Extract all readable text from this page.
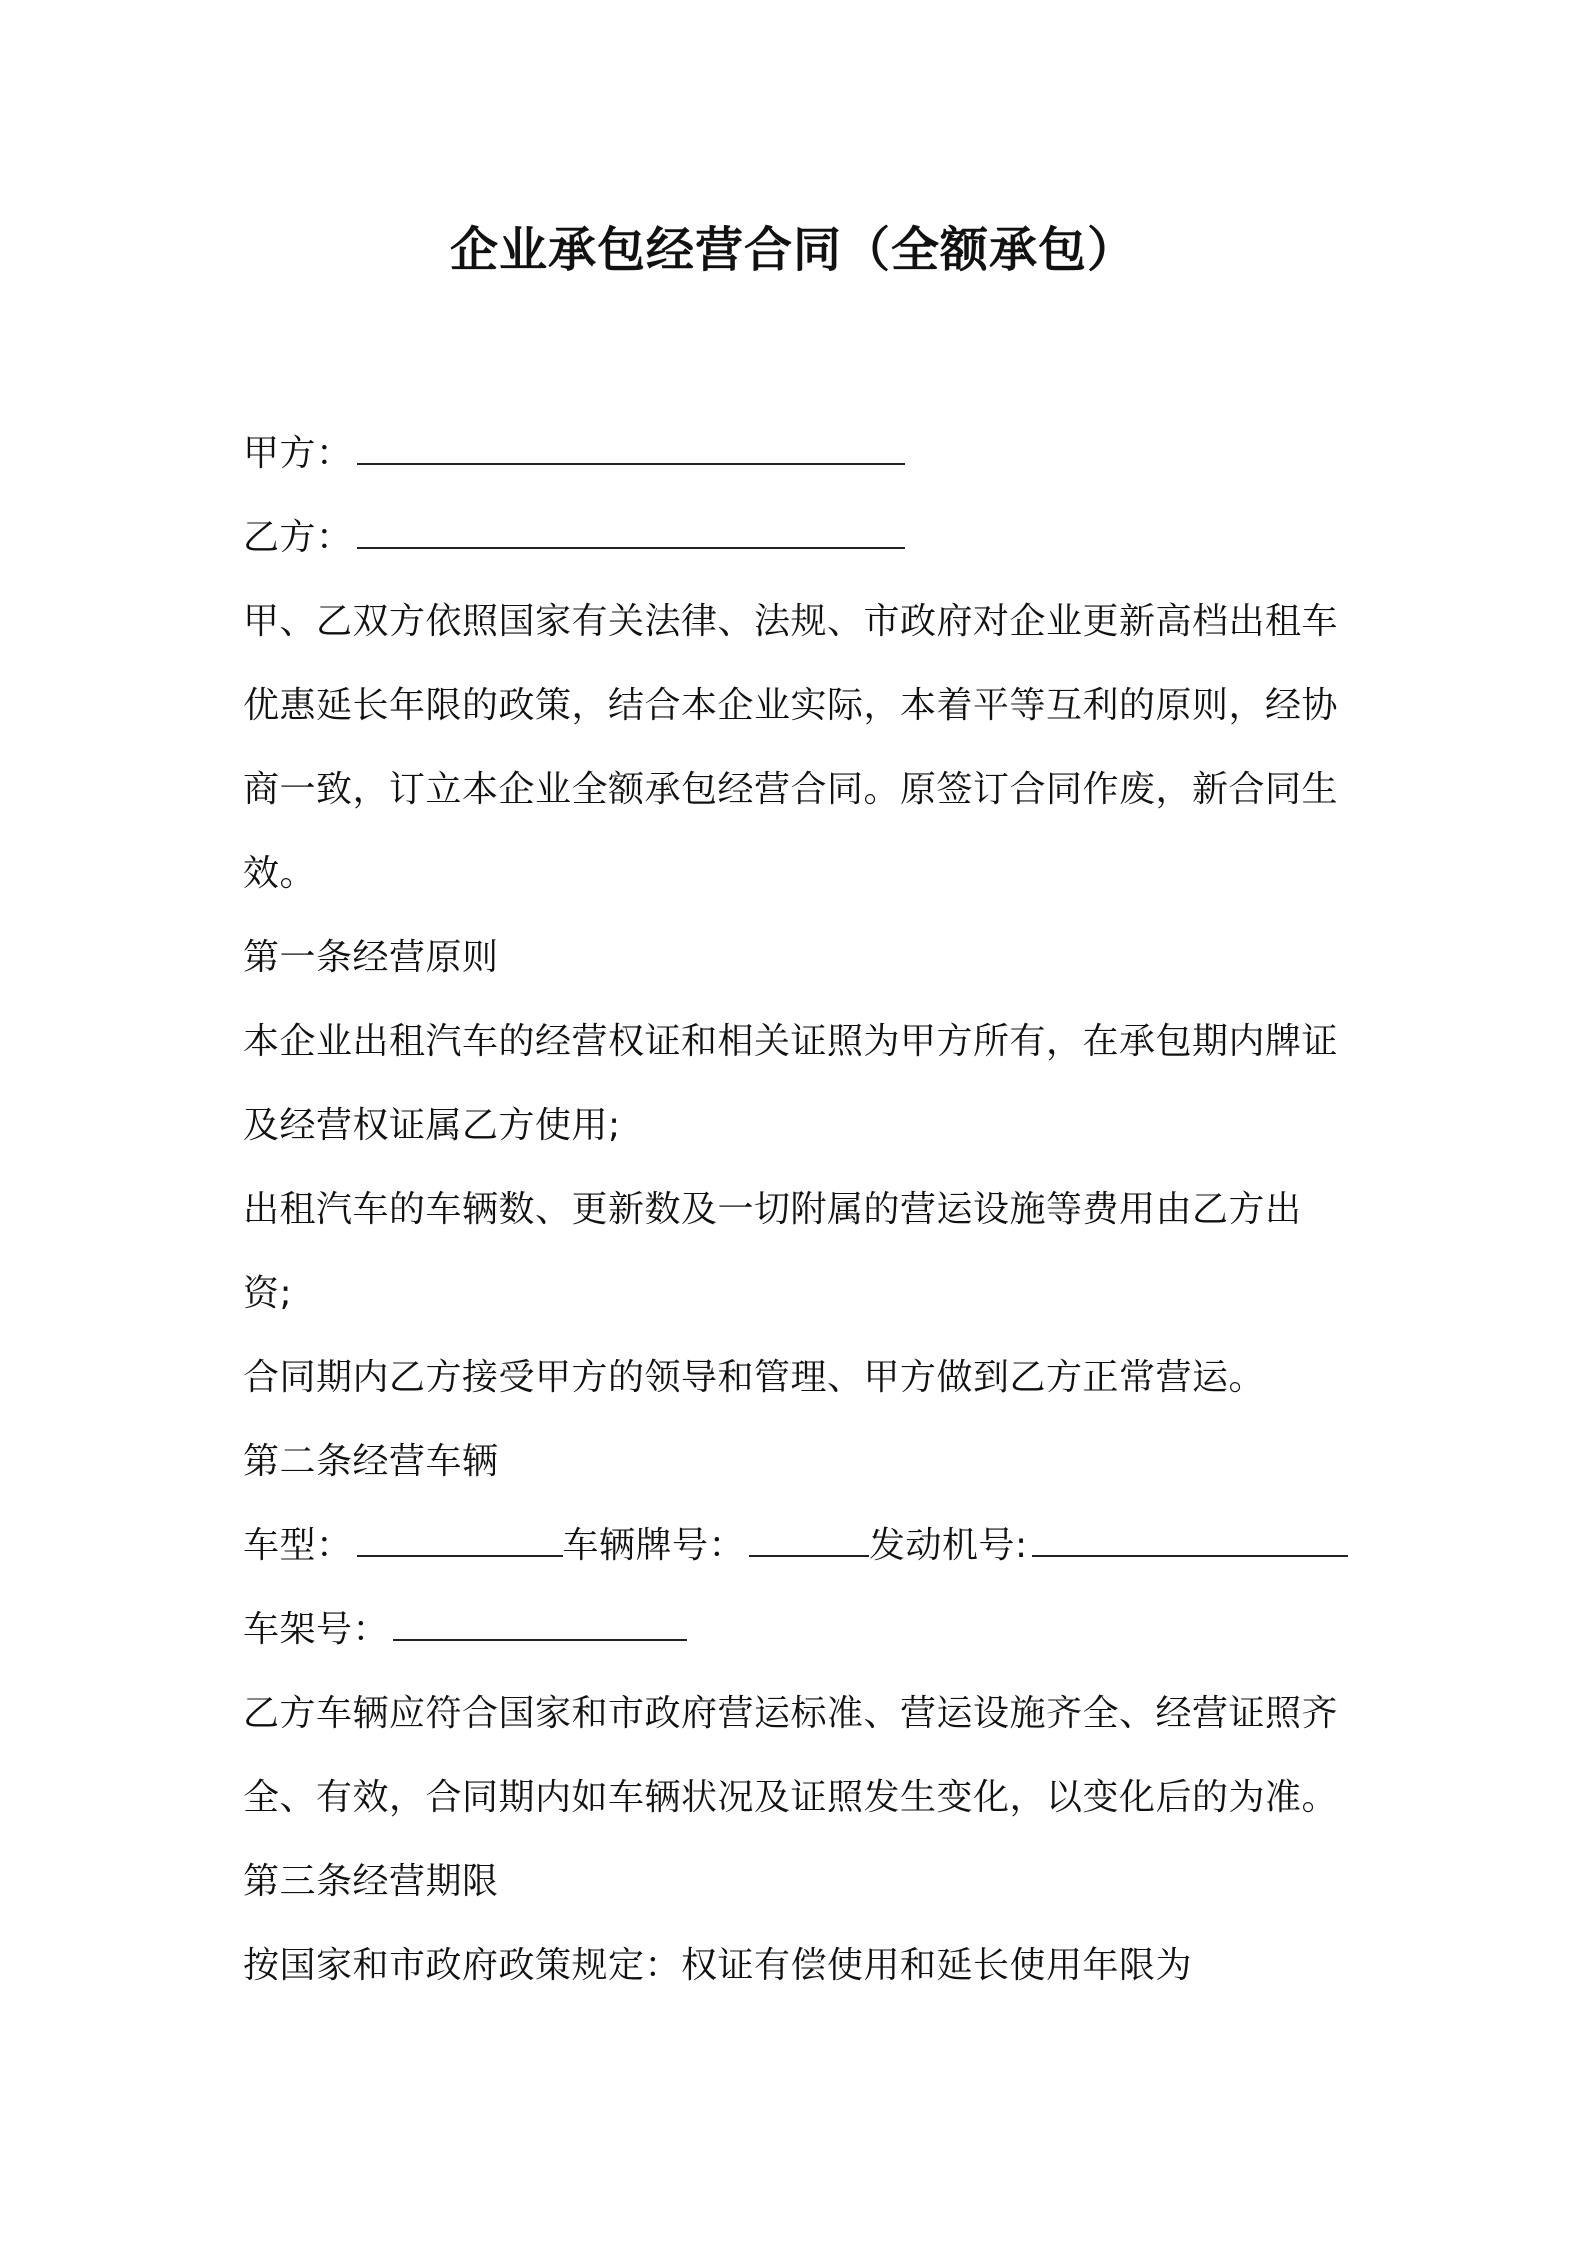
企业承包经营合同（全额承包）
甲方：
乙方：
甲、乙双方依照国家有关法律、法规、市政府对企业更新高档出租车
优惠延长年限的政策，结合本企业实际，本着平等互利的原则，经协
商一致，订立本企业全额承包经营合同。原签订合同作废，新合同生
效。
第一条经营原则
本企业出租汽车的经营权证和相关证照为甲方所有，在承包期内牌证
及经营权证属乙方使用;
出租汽车的车辆数、更新数及一切附属的营运设施等费用由乙方出
资;
合同期内乙方接受甲方的领导和管理、甲方做到乙方正常营运。
第二条经营车辆
车型：	车辆牌号：	发动机号:
车架号：
乙方车辆应符合国家和市政府营运标准、营运设施齐全、经营证照齐
全、有效，合同期内如车辆状况及证照发生变化，以变化后的为准。
第三条经营期限
按国家和市政府政策规定：权证有偿使用和延长使用年限为
